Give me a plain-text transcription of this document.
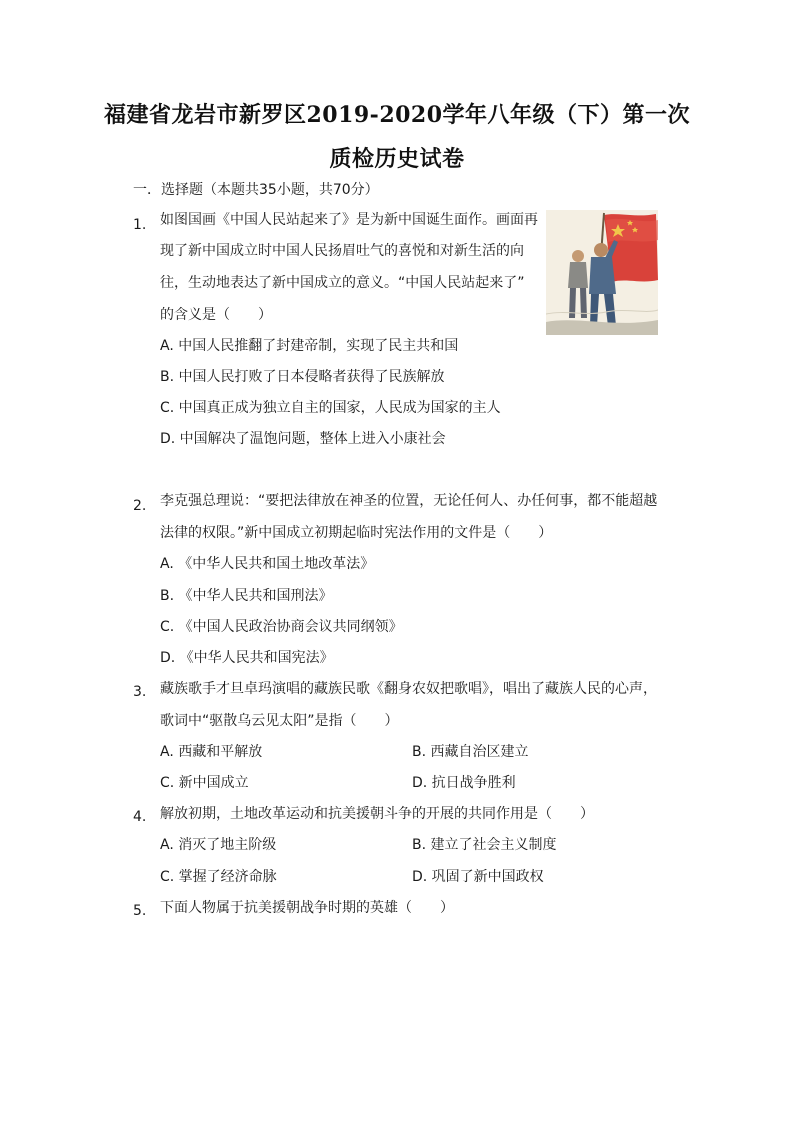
福建省龙岩市新罗区2019-2020学年八年级（下）第一次
质检历史试卷
一．选择题（本题共35小题，共70分）
1. 如图国画《中国人民站起来了》是为新中国诞生面作。画面再
现了新中国成立时中国人民扬眉吐气的喜悦和对新生活的向
往，生动地表达了新中国成立的意义。“中国人民站起来了”
的含义是（　　）
A. 中国人民推翻了封建帝制，实现了民主共和国
B. 中国人民打败了日本侵略者获得了民族解放
C. 中国真正成为独立自主的国家，人民成为国家的主人
D. 中国解决了温饱问题，整体上进入小康社会
2. 李克强总理说：“要把法律放在神圣的位置，无论任何人、办任何事，都不能超越
法律的权限。”新中国成立初期起临时宪法作用的文件是（　　）
A. 《中华人民共和国土地改革法》
B. 《中华人民共和国刑法》
C. 《中国人民政治协商会议共同纲领》
D. 《中华人民共和国宪法》
3. 藏族歌手才旦卓玛演唱的藏族民歌《翻身农奴把歌唱》，唱出了藏族人民的心声，
歌词中“驱散乌云见太阳”是指（　　）
A. 西藏和平解放	B. 西藏自治区建立
C. 新中国成立	D. 抗日战争胜利
4. 解放初期，土地改革运动和抗美援朝斗争的开展的共同作用是（　　）
A. 消灭了地主阶级	B. 建立了社会主义制度
C. 掌握了经济命脉	D. 巩固了新中国政权
5. 下面人物属于抗美援朝战争时期的英雄（　　）
